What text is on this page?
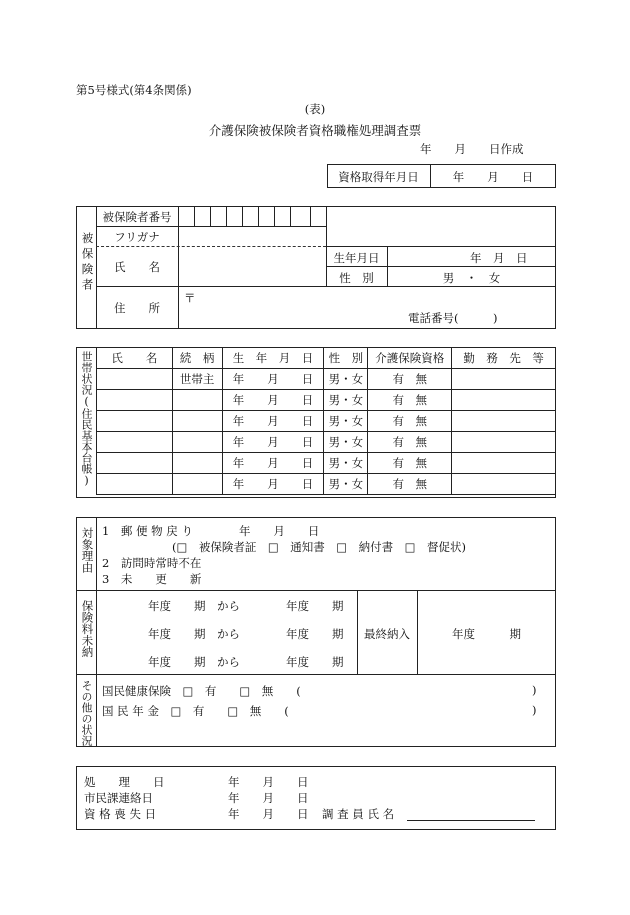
第5号様式(第4条関係)
(表)
介護保険被保険者資格職権処理調査票
年　　月　　日作成
資格取得年月日	年　　月　　日
被保険者
被保険者番号
フリガナ
氏　　名
生年月日	年　月　日
性　別	男　・　女
住　　所
〒
電話番号(　　　)
世帯状況(住民基本台帳) 氏　　名	続　柄	生　年　月　日	性　別	介護保険資格	勤　務　先　等
	世帯主	年　　月　　日	男・女	有　無	
		年　　月　　日	男・女	有　無	
		年　　月　　日	男・女	有　無	
		年　　月　　日	男・女	有　無	
		年　　月　　日	男・女	有　無	
		年　　月　　日	男・女	有　無	
対象理由 1　郵 便 物 戻 り　　　　年　　月　　日
(□　被保険者証　□　通知書　□　納付書　□　督促状)
2　訪問時常時不在
3　未　　更　　新
保険料未納	年度　　期　から　　　　年度　　期
年度　　期　から　　　　年度　　期
年度　　期　から　　　　年度　　期
最終納入	年度　　　期
その他の状況 国民健康保険　□　有　　□　無　　(	)
国 民 年 金　□　有　　□　無　　(	)
処　　理　　日	年　　月　　日
市民課連絡日	年　　月　　日
資 格 喪 失 日	年　　月　　日 調 査 員 氏 名
